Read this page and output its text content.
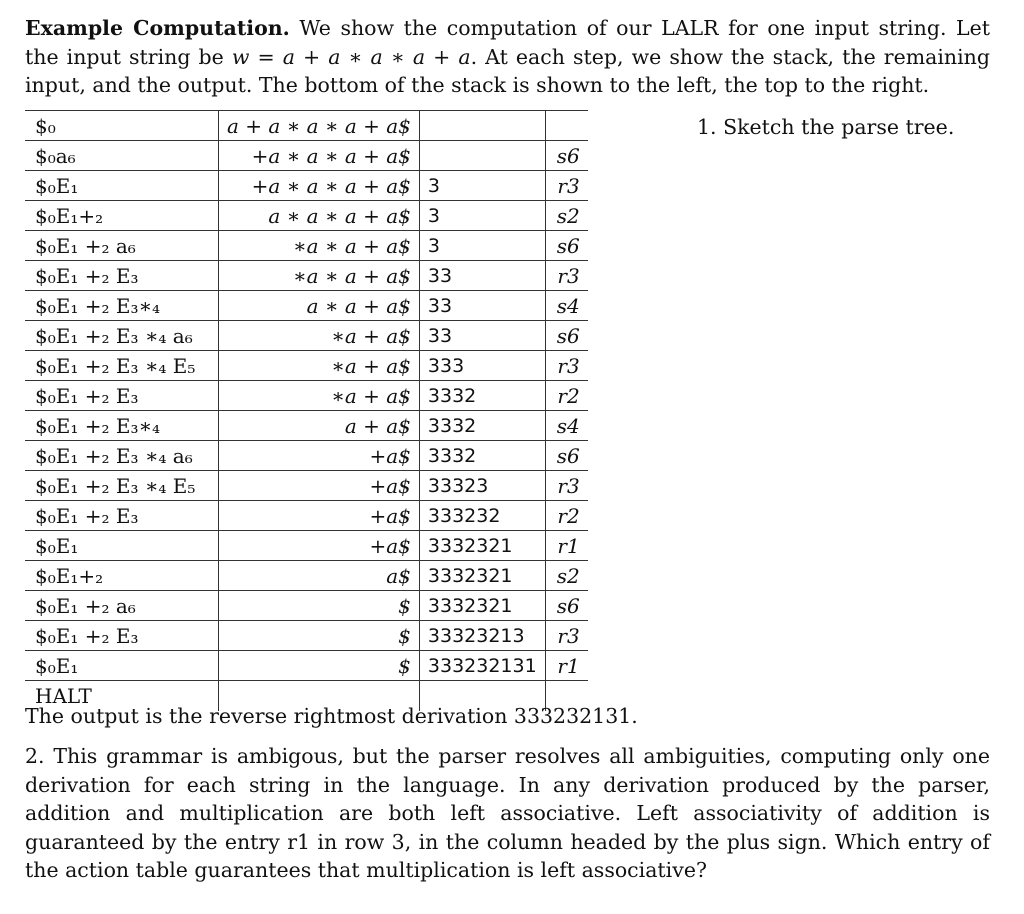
Example Computation. We show the computation of our LALR for one input string. Let the input string be w = a + a ∗ a ∗ a + a. At each step, we show the stack, the remaining input, and the output. The bottom of the stack is shown to the left, the top to the right.
$₀	a + a ∗ a ∗ a + a$		
$₀a₆	+a ∗ a ∗ a + a$		s6
$₀E₁	+a ∗ a ∗ a + a$	3	r3
$₀E₁+₂	a ∗ a ∗ a + a$	3	s2
$₀E₁ +₂ a₆	∗a ∗ a + a$	3	s6
$₀E₁ +₂ E₃	∗a ∗ a + a$	33	r3
$₀E₁ +₂ E₃∗₄	a ∗ a + a$	33	s4
$₀E₁ +₂ E₃ ∗₄ a₆	∗a + a$	33	s6
$₀E₁ +₂ E₃ ∗₄ E₅	∗a + a$	333	r3
$₀E₁ +₂ E₃	∗a + a$	3332	r2
$₀E₁ +₂ E₃∗₄	a + a$	3332	s4
$₀E₁ +₂ E₃ ∗₄ a₆	+a$	3332	s6
$₀E₁ +₂ E₃ ∗₄ E₅	+a$	33323	r3
$₀E₁ +₂ E₃	+a$	333232	r2
$₀E₁	+a$	3332321	r1
$₀E₁+₂	a$	3332321	s2
$₀E₁ +₂ a₆	$	3332321	s6
$₀E₁ +₂ E₃	$	33323213	r3
$₀E₁	$	333232131	r1
HALT			
1. Sketch the parse tree.
The output is the reverse rightmost derivation 333232131.
2. This grammar is ambigous, but the parser resolves all ambiguities, computing only one derivation for each string in the language. In any derivation produced by the parser, addition and multiplication are both left associative. Left associativity of addition is guaranteed by the entry r1 in row 3, in the column headed by the plus sign. Which entry of the action table guarantees that multiplication is left associative?
